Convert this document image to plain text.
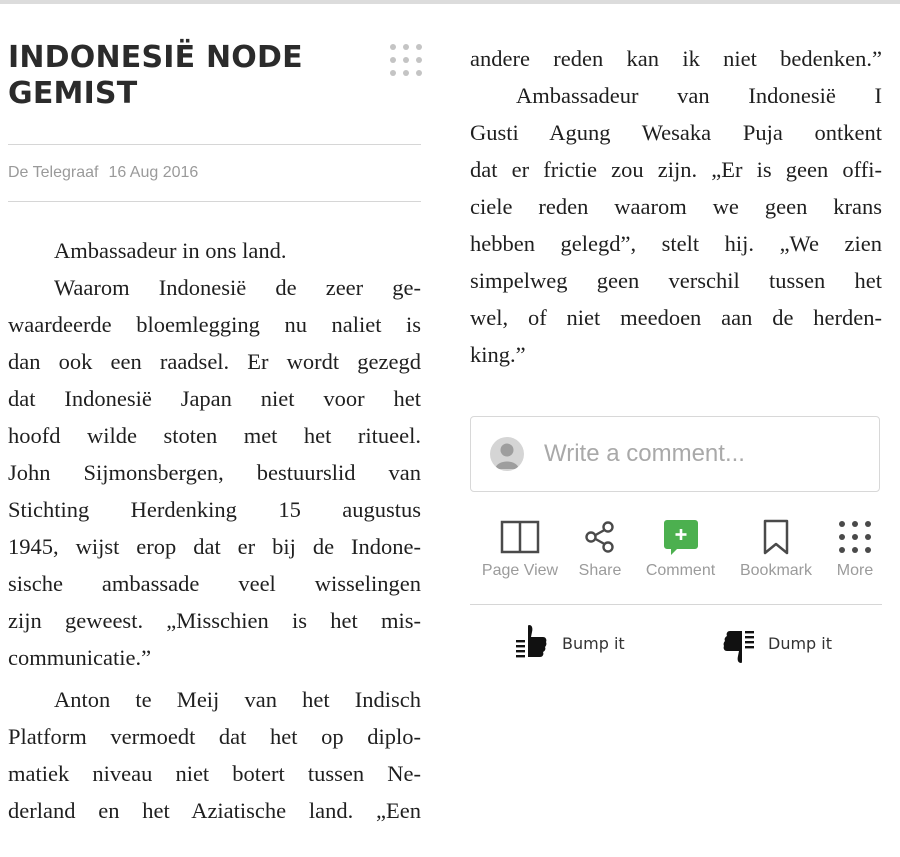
INDONESIË NODE
GEMIST
De Telegraaf 16 Aug 2016

Ambassadeur in ons land.

Waarom Indonesië de zeer ge-
waardeerde bloemlegging nu naliet is
dan ook een raadsel. Er wordt gezegd
dat Indonesië Japan niet voor het
hoofd wilde stoten met het ritueel.
John Sijmonsbergen, bestuurslid van
Stichting Herdenking 15 augustus
1945, wijst erop dat er bij de Indone-
sische ambassade veel wisselingen
zijn geweest. „Misschien is het mis-
communicatie.”

Anton te Meij van het Indisch
Platform vermoedt dat het op diplo-
matiek niveau niet botert tussen Ne-
derland en het Aziatische land. „Een

andere reden kan ik niet bedenken.”

Ambassadeur van Indonesië I
Gusti Agung Wesaka Puja ontkent
dat er frictie zou zijn. „Er is geen offi-
ciele reden waarom we geen krans
hebben gelegd”, stelt hij. „We zien
simpelweg geen verschil tussen het
wel, of niet meedoen aan de herden-
king.”

Write a comment...
Page View	Share	Comment	Bookmark	More
Bump it	Dump it
